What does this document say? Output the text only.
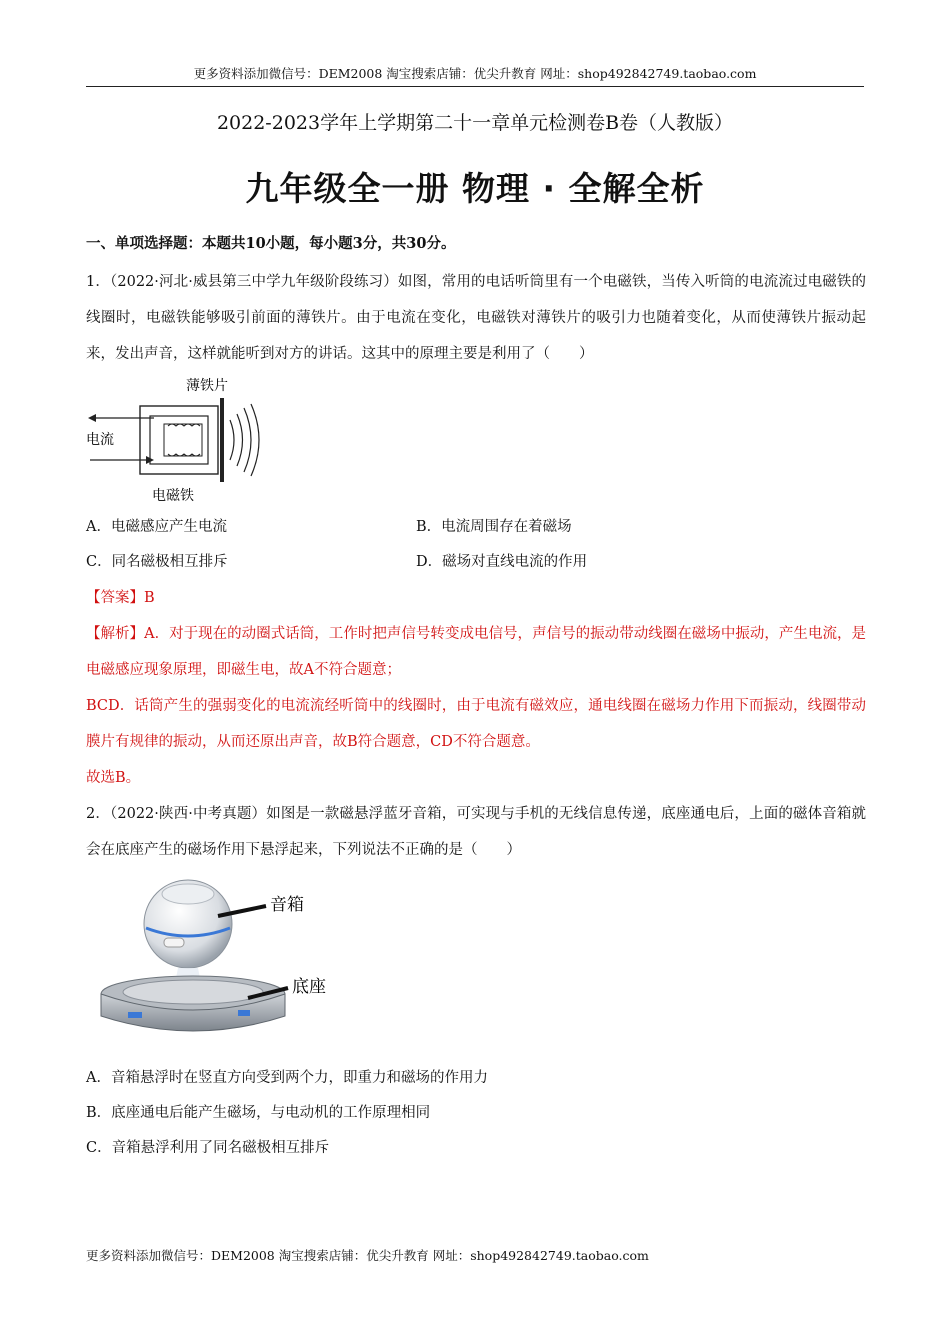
更多资料添加微信号：DEM2008 淘宝搜索店铺：优尖升教育 网址：shop492842749.taobao.com
2022-2023学年上学期第二十一章单元检测卷B卷（人教版）
九年级全一册 物理 · 全解全析
一、单项选择题：本题共10小题，每小题3分，共30分。
1．（2022·河北·威县第三中学九年级阶段练习）如图，常用的电话听筒里有一个电磁铁，当传入听筒的电流流过电磁铁的线圈时，电磁铁能够吸引前面的薄铁片。由于电流在变化，电磁铁对薄铁片的吸引力也随着变化，从而使薄铁片振动起来，发出声音，这样就能听到对方的讲话。这其中的原理主要是利用了（　　）
薄铁片
电流
电磁铁
A．电磁感应产生电流	B．电流周围存在着磁场
C．同名磁极相互排斥	D．磁场对直线电流的作用
【答案】B
【解析】A．对于现在的动圈式话筒，工作时把声信号转变成电信号，声信号的振动带动线圈在磁场中振动，产生电流，是电磁感应现象原理，即磁生电，故A不符合题意；
BCD．话筒产生的强弱变化的电流流经听筒中的线圈时，由于电流有磁效应，通电线圈在磁场力作用下而振动，线圈带动膜片有规律的振动，从而还原出声音，故B符合题意，CD不符合题意。
故选B。
2．（2022·陕西·中考真题）如图是一款磁悬浮蓝牙音箱，可实现与手机的无线信息传递，底座通电后，上面的磁体音箱就会在底座产生的磁场作用下悬浮起来，下列说法不正确的是（　　）
音箱
底座
A．音箱悬浮时在竖直方向受到两个力，即重力和磁场的作用力
B．底座通电后能产生磁场，与电动机的工作原理相同
C．音箱悬浮利用了同名磁极相互排斥
更多资料添加微信号：DEM2008 淘宝搜索店铺：优尖升教育 网址：shop492842749.taobao.com
